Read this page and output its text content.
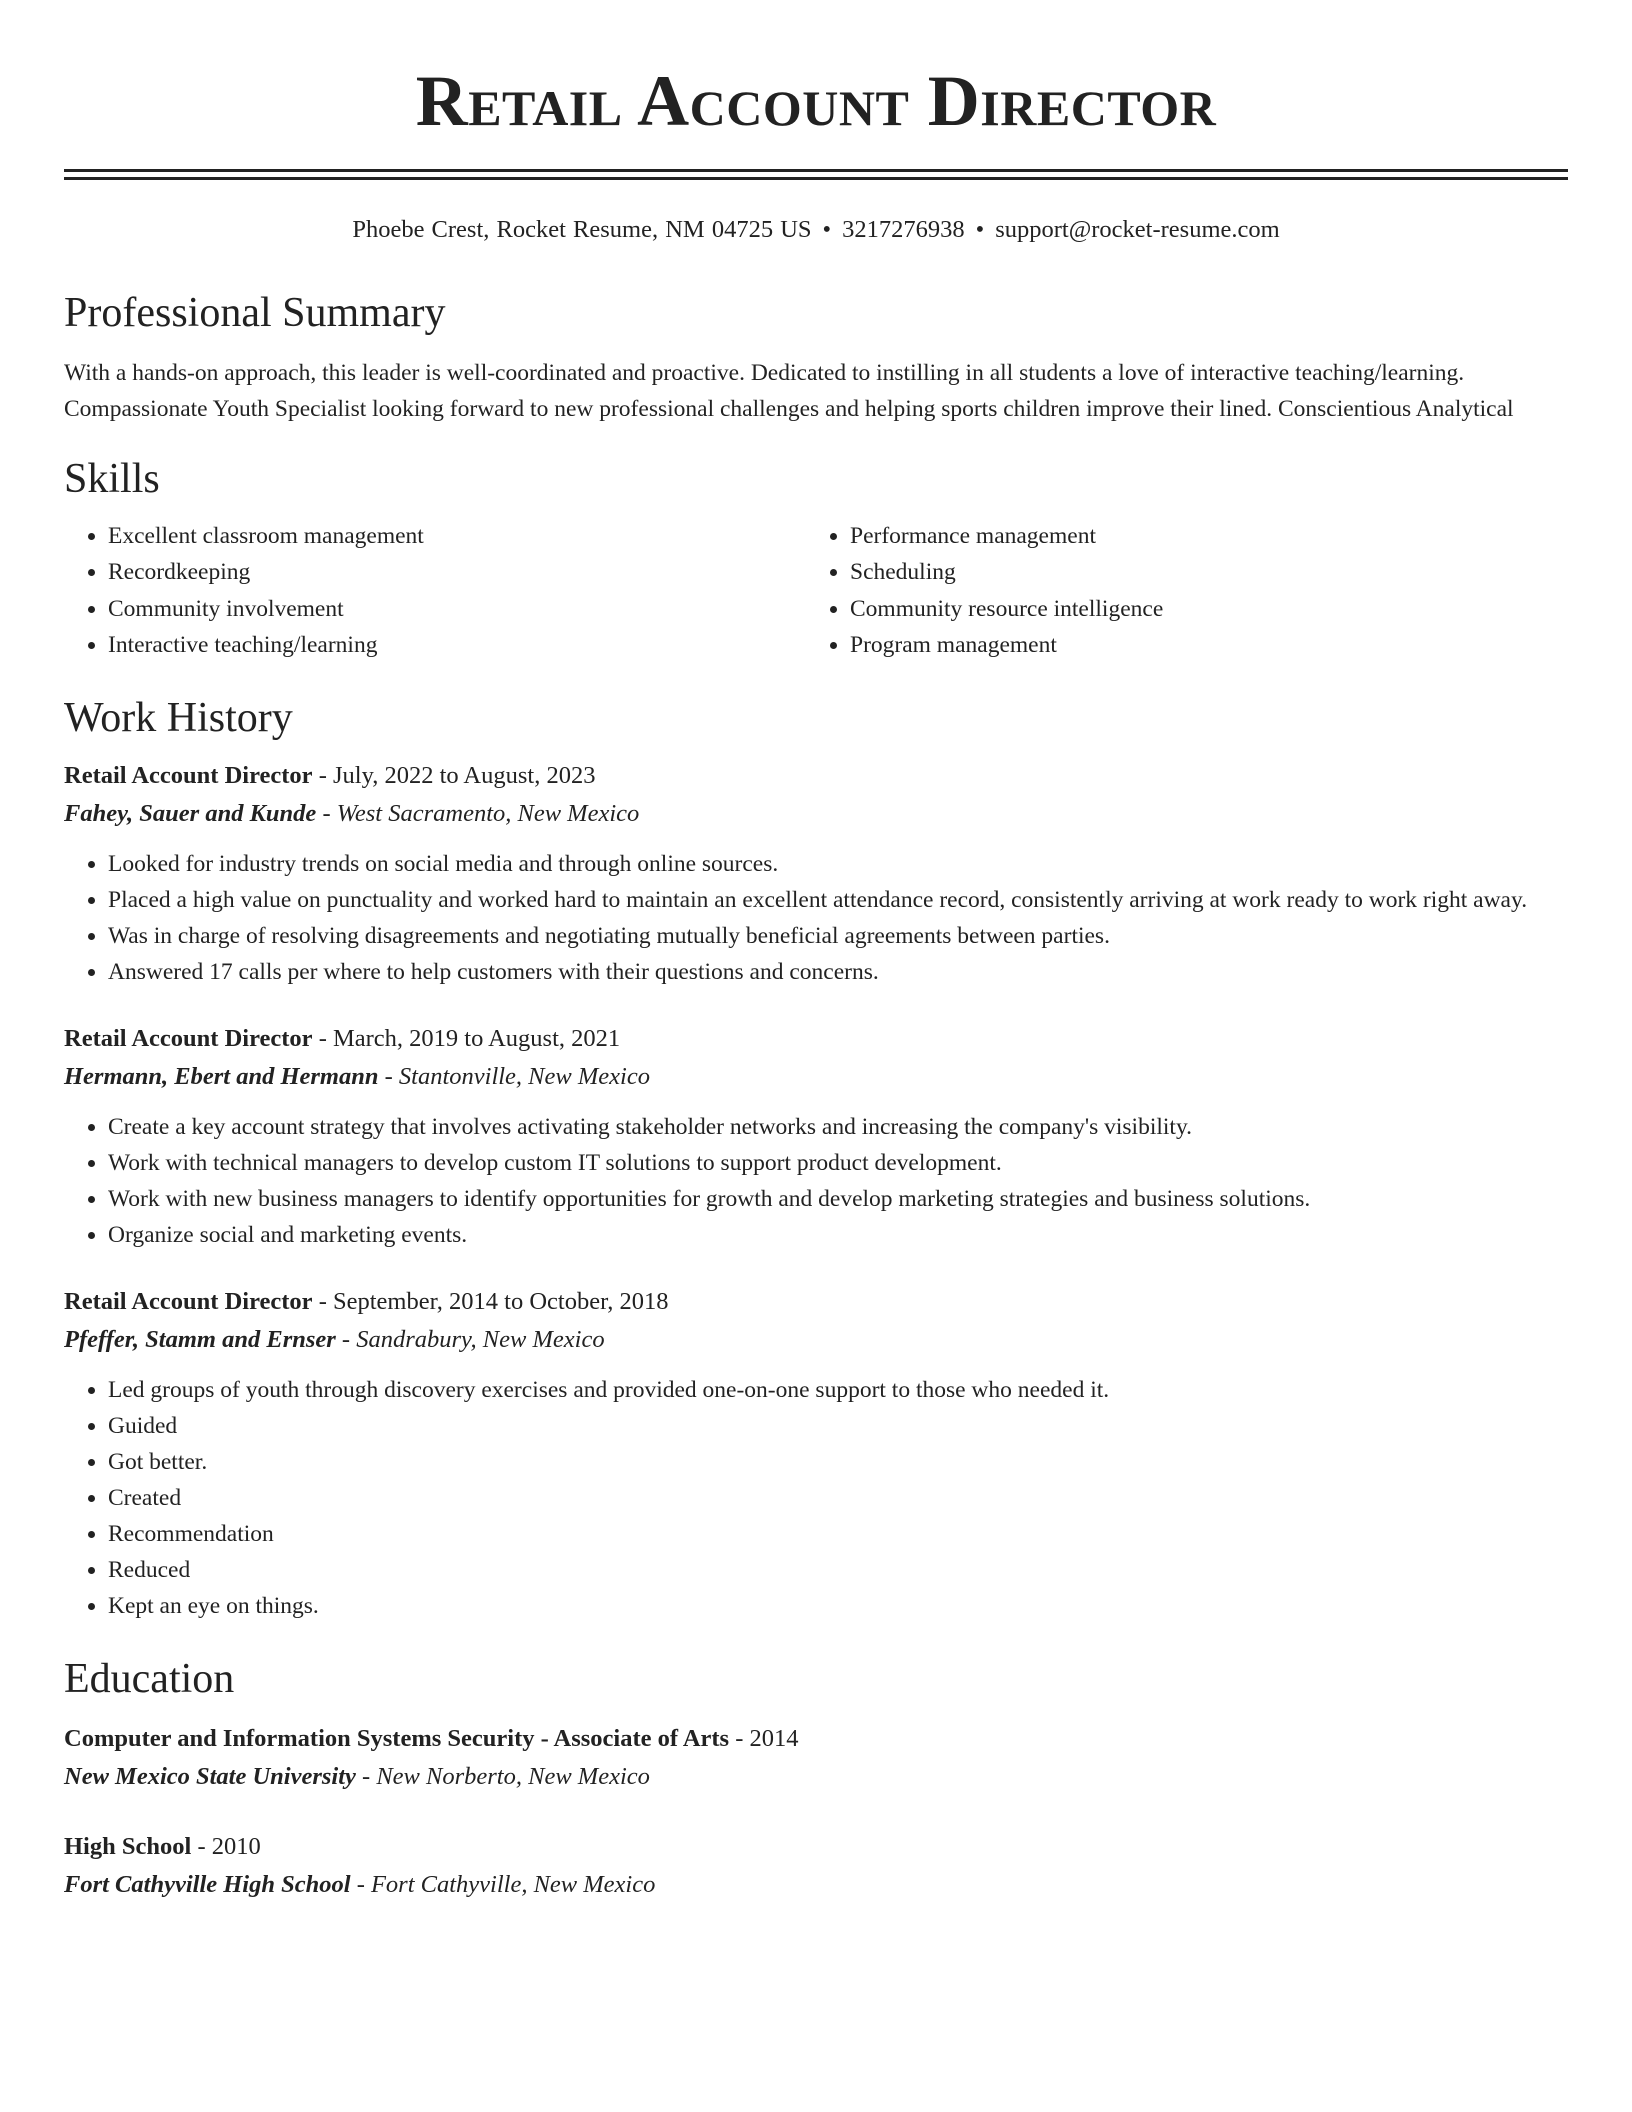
Retail Account Director
Phoebe Crest, Rocket Resume, NM 04725 US • 3217276938 • support@rocket-resume.com
Professional Summary
With a hands-on approach, this leader is well-coordinated and proactive. Dedicated to instilling in all students a love of interactive teaching/learning. Compassionate Youth Specialist looking forward to new professional challenges and helping sports children improve their lined. Conscientious Analytical
Skills
• Excellent classroom management
• Recordkeeping
• Community involvement
• Interactive teaching/learning
• Performance management
• Scheduling
• Community resource intelligence
• Program management
Work History
Retail Account Director - July, 2022 to August, 2023
Fahey, Sauer and Kunde - West Sacramento, New Mexico
• Looked for industry trends on social media and through online sources.
• Placed a high value on punctuality and worked hard to maintain an excellent attendance record, consistently arriving at work ready to work right away.
• Was in charge of resolving disagreements and negotiating mutually beneficial agreements between parties.
• Answered 17 calls per where to help customers with their questions and concerns.
Retail Account Director - March, 2019 to August, 2021
Hermann, Ebert and Hermann - Stantonville, New Mexico
• Create a key account strategy that involves activating stakeholder networks and increasing the company's visibility.
• Work with technical managers to develop custom IT solutions to support product development.
• Work with new business managers to identify opportunities for growth and develop marketing strategies and business solutions.
• Organize social and marketing events.
Retail Account Director - September, 2014 to October, 2018
Pfeffer, Stamm and Ernser - Sandrabury, New Mexico
• Led groups of youth through discovery exercises and provided one-on-one support to those who needed it.
• Guided
• Got better.
• Created
• Recommendation
• Reduced
• Kept an eye on things.
Education
Computer and Information Systems Security - Associate of Arts - 2014
New Mexico State University - New Norberto, New Mexico
High School - 2010
Fort Cathyville High School - Fort Cathyville, New Mexico
